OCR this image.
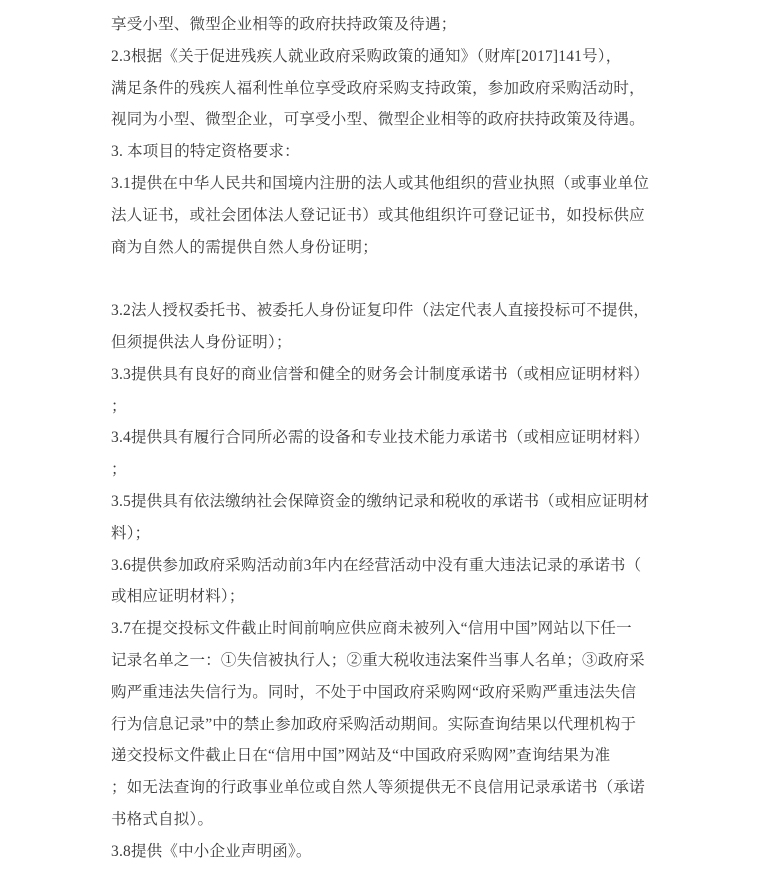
享受小型、微型企业相等的政府扶持政策及待遇；
2.3根据《关于促进残疾人就业政府采购政策的通知》（财库[2017]141号），
满足条件的残疾人福利性单位享受政府采购支持政策，参加政府采购活动时，
视同为小型、微型企业，可享受小型、微型企业相等的政府扶持政策及待遇。
3. 本项目的特定资格要求：
3.1提供在中华人民共和国境内注册的法人或其他组织的营业执照（或事业单位
法人证书，或社会团体法人登记证书）或其他组织许可登记证书，如投标供应
商为自然人的需提供自然人身份证明；
3.2法人授权委托书、被委托人身份证复印件（法定代表人直接投标可不提供，
但须提供法人身份证明）；
3.3提供具有良好的商业信誉和健全的财务会计制度承诺书（或相应证明材料）
；
3.4提供具有履行合同所必需的设备和专业技术能力承诺书（或相应证明材料）
；
3.5提供具有依法缴纳社会保障资金的缴纳记录和税收的承诺书（或相应证明材
料）；
3.6提供参加政府采购活动前3年内在经营活动中没有重大违法记录的承诺书（
或相应证明材料）；
3.7在提交投标文件截止时间前响应供应商未被列入“信用中国”网站以下任一
记录名单之一：①失信被执行人；②重大税收违法案件当事人名单；③政府采
购严重违法失信行为。同时，不处于中国政府采购网“政府采购严重违法失信
行为信息记录”中的禁止参加政府采购活动期间。实际查询结果以代理机构于
递交投标文件截止日在“信用中国”网站及“中国政府采购网”查询结果为准
；如无法查询的行政事业单位或自然人等须提供无不良信用记录承诺书（承诺
书格式自拟）。
3.8提供《中小企业声明函》。
